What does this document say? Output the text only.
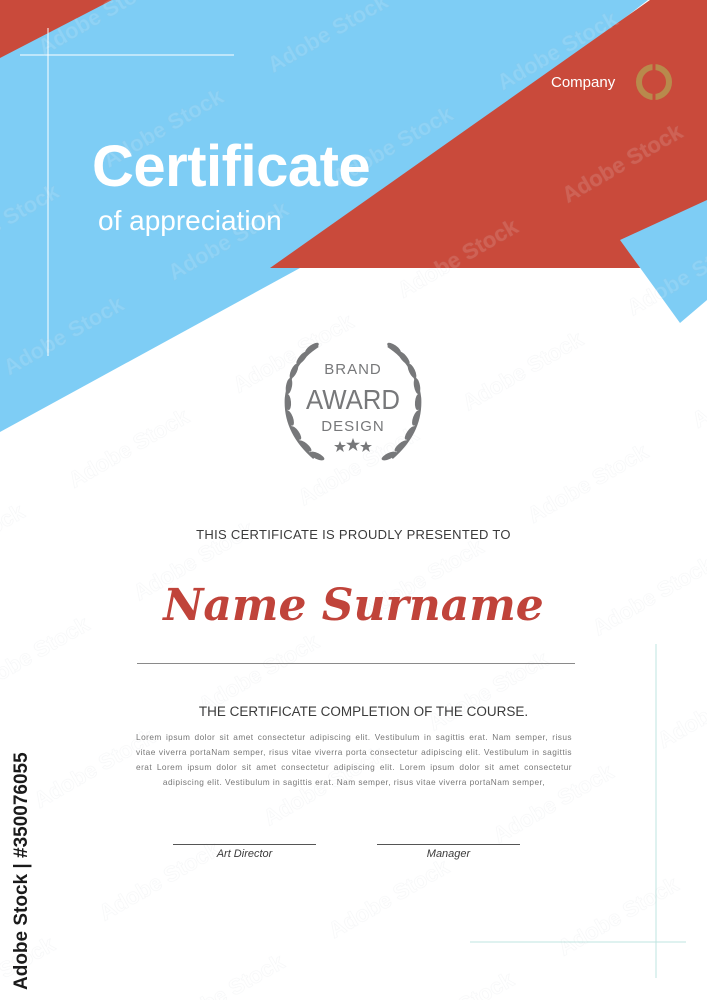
Company
Certificate
of appreciation
BRAND
AWARD
DESIGN
THIS CERTIFICATE IS PROUDLY PRESENTED TO
Name Surname
THE CERTIFICATE COMPLETION OF THE COURSE.
Lorem ipsum dolor sit amet consectetur adipiscing elit. Vestibulum in sagittis erat. Nam semper, risus vitae viverra portaNam semper, risus vitae viverra porta consectetur adipiscing elit. Vestibulum in sagittis erat Lorem ipsum dolor sit amet consectetur adipiscing elit. Lorem ipsum dolor sit amet consectetur adipiscing elit. Vestibulum in sagittis erat. Nam semper, risus vitae viverra portaNam semper,
Art Director	Manager
Adobe Stock | #350076055
